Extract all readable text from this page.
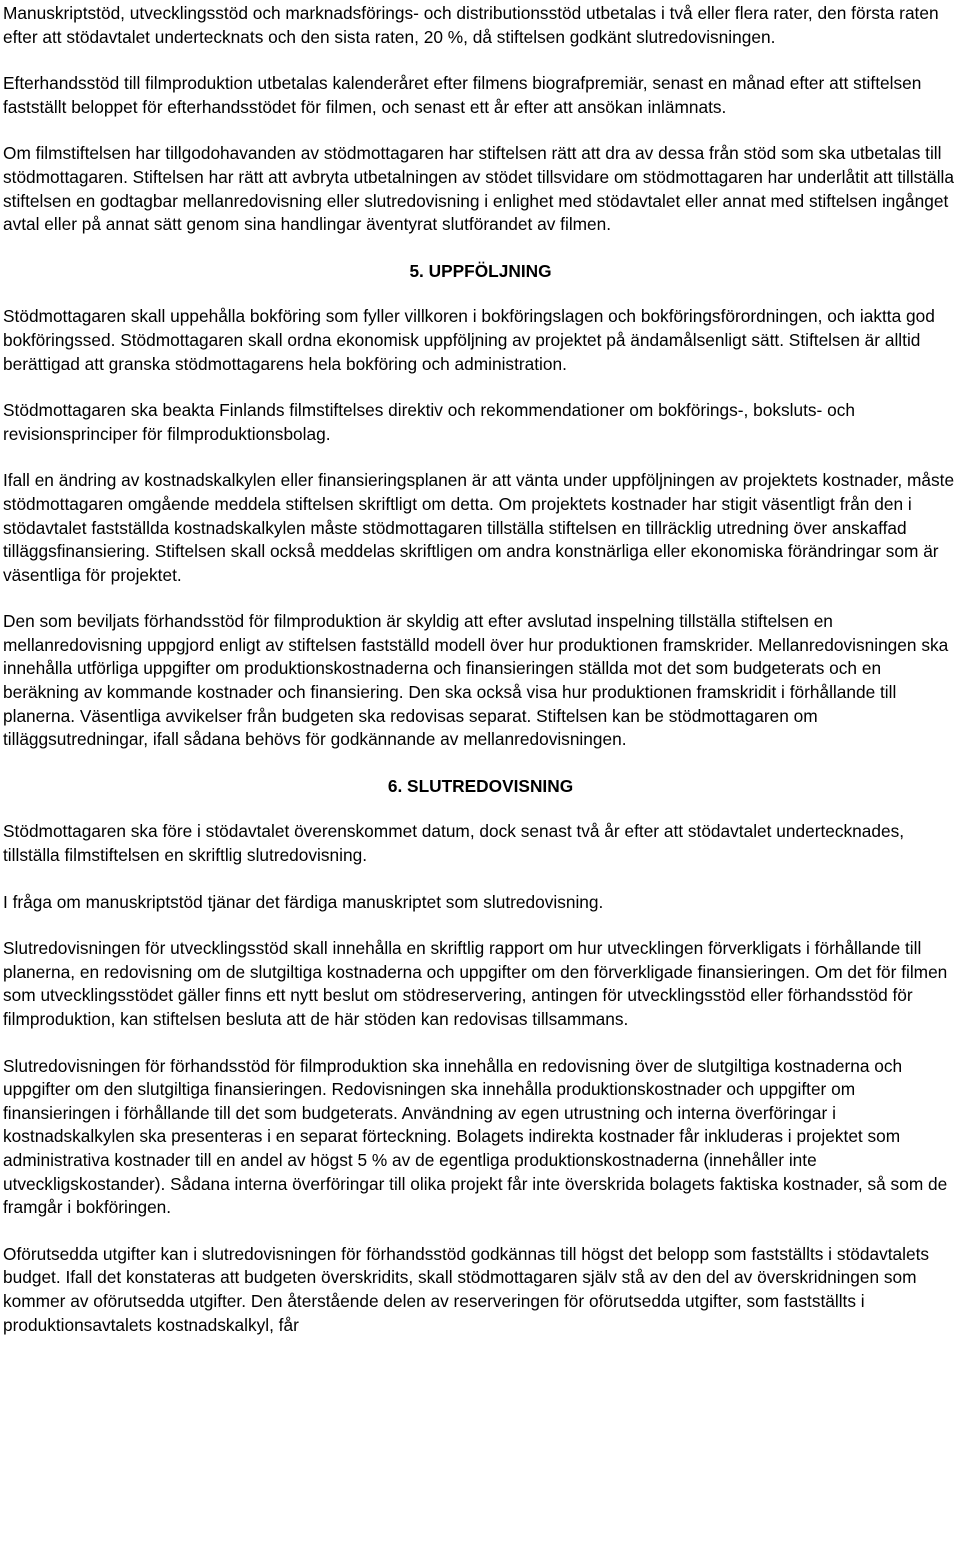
Manuskriptstöd, utvecklingsstöd och marknadsförings- och distributionsstöd utbetalas i två eller flera rater, den första raten efter att stödavtalet undertecknats och den sista raten, 20 %, då stiftelsen godkänt slutredovisningen.

Efterhandsstöd till filmproduktion utbetalas kalenderåret efter filmens biografpremiär, senast en månad efter att stiftelsen fastställt beloppet för efterhandsstödet för filmen, och senast ett år efter att ansökan inlämnats.

Om filmstiftelsen har tillgodohavanden av stödmottagaren har stiftelsen rätt att dra av dessa från stöd som ska utbetalas till stödmottagaren. Stiftelsen har rätt att avbryta utbetalningen av stödet tillsvidare om stödmottagaren har underlåtit att tillställa stiftelsen en godtagbar mellanredovisning eller slutredovisning i enlighet med stödavtalet eller annat med stiftelsen ingånget avtal eller på annat sätt genom sina handlingar äventyrat slutförandet av filmen.

5. UPPFÖLJNING

Stödmottagaren skall uppehålla bokföring som fyller villkoren i bokföringslagen och bokföringsförordningen, och iaktta god bokföringssed. Stödmottagaren skall ordna ekonomisk uppföljning av projektet på ändamålsenligt sätt. Stiftelsen är alltid berättigad att granska stödmottagarens hela bokföring och administration.

Stödmottagaren ska beakta Finlands filmstiftelses direktiv och rekommendationer om bokförings-, boksluts- och revisionsprinciper för filmproduktionsbolag.

Ifall en ändring av kostnadskalkylen eller finansieringsplanen är att vänta under uppföljningen av projektets kostnader, måste stödmottagaren omgående meddela stiftelsen skriftligt om detta. Om projektets kostnader har stigit väsentligt från den i stödavtalet fastställda kostnadskalkylen måste stödmottagaren tillställa stiftelsen en tillräcklig utredning över anskaffad tilläggsfinansiering. Stiftelsen skall också meddelas skriftligen om andra konstnärliga eller ekonomiska förändringar som är väsentliga för projektet.

Den som beviljats förhandsstöd för filmproduktion är skyldig att efter avslutad inspelning tillställa stiftelsen en mellanredovisning uppgjord enligt av stiftelsen fastställd modell över hur produktionen framskrider. Mellanredovisningen ska innehålla utförliga uppgifter om produktionskostnaderna och finansieringen ställda mot det som budgeterats och en beräkning av kommande kostnader och finansiering. Den ska också visa hur produktionen framskridit i förhållande till planerna. Väsentliga avvikelser från budgeten ska redovisas separat. Stiftelsen kan be stödmottagaren om tilläggsutredningar, ifall sådana behövs för godkännande av mellanredovisningen.

6. SLUTREDOVISNING

Stödmottagaren ska före i stödavtalet överenskommet datum, dock senast två år efter att stödavtalet undertecknades, tillställa filmstiftelsen en skriftlig slutredovisning.

I fråga om manuskriptstöd tjänar det färdiga manuskriptet som slutredovisning.

Slutredovisningen för utvecklingsstöd skall innehålla en skriftlig rapport om hur utvecklingen förverkligats i förhållande till planerna, en redovisning om de slutgiltiga kostnaderna och uppgifter om den förverkligade finansieringen. Om det för filmen som utvecklingsstödet gäller finns ett nytt beslut om stödreservering, antingen för utvecklingsstöd eller förhandsstöd för filmproduktion, kan stiftelsen besluta att de här stöden kan redovisas tillsammans.

Slutredovisningen för förhandsstöd för filmproduktion ska innehålla en redovisning över de slutgiltiga kostnaderna och uppgifter om den slutgiltiga finansieringen. Redovisningen ska innehålla produktionskostnader och uppgifter om finansieringen i förhållande till det som budgeterats. Användning av egen utrustning och interna överföringar i kostnadskalkylen ska presenteras i en separat förteckning. Bolagets indirekta kostnader får inkluderas i projektet som administrativa kostnader till en andel av högst 5 % av de egentliga produktionskostnaderna (innehåller inte utveckligskostander). Sådana interna överföringar till olika projekt får inte överskrida bolagets faktiska kostnader, så som de framgår i bokföringen.

Oförutsedda utgifter kan i slutredovisningen för förhandsstöd godkännas till högst det belopp som fastställts i stödavtalets budget. Ifall det konstateras att budgeten överskridits, skall stödmottagaren själv stå av den del av överskridningen som kommer av oförutsedda utgifter. Den återstående delen av reserveringen för oförutsedda utgifter, som fastställts i produktionsavtalets kostnadskalkyl, får
